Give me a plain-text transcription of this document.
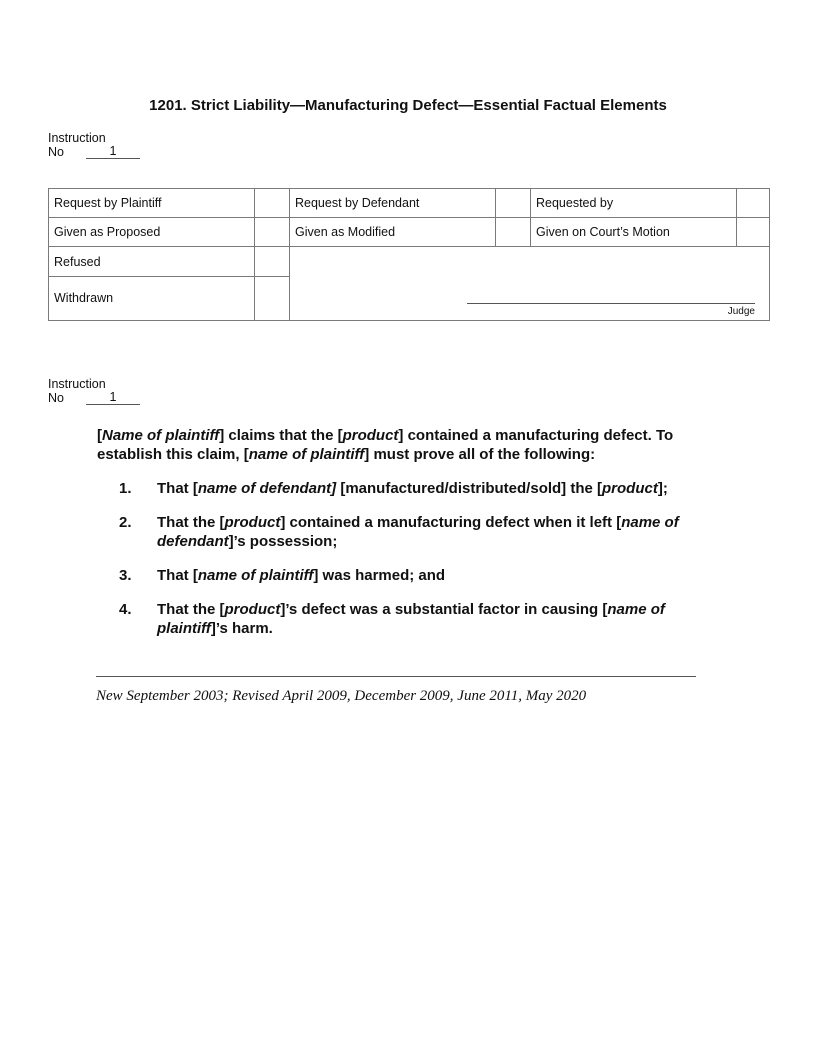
1201. Strict Liability—Manufacturing Defect—Essential Factual Elements
Instruction
No	1
Request by Plaintiff		Request by Defendant		Requested by	
Given as Proposed		Given as Modified		Given on Court’s Motion	
Refused		Judge			

Withdrawn					
Instruction
No	1

[Name of plaintiff] claims that the [product] contained a manufacturing defect. To establish this claim, [name of plaintiff] must prove all of the following:

1.	That [name of defendant] [manufactured/distributed/sold] the [product];
2.	That the [product] contained a manufacturing defect when it left [name of defendant]’s possession;
3.	That [name of plaintiff] was harmed; and
4.	That the [product]’s defect was a substantial factor in causing [name of plaintiff]’s harm.
New September 2003; Revised April 2009, December 2009, June 2011, May 2020
